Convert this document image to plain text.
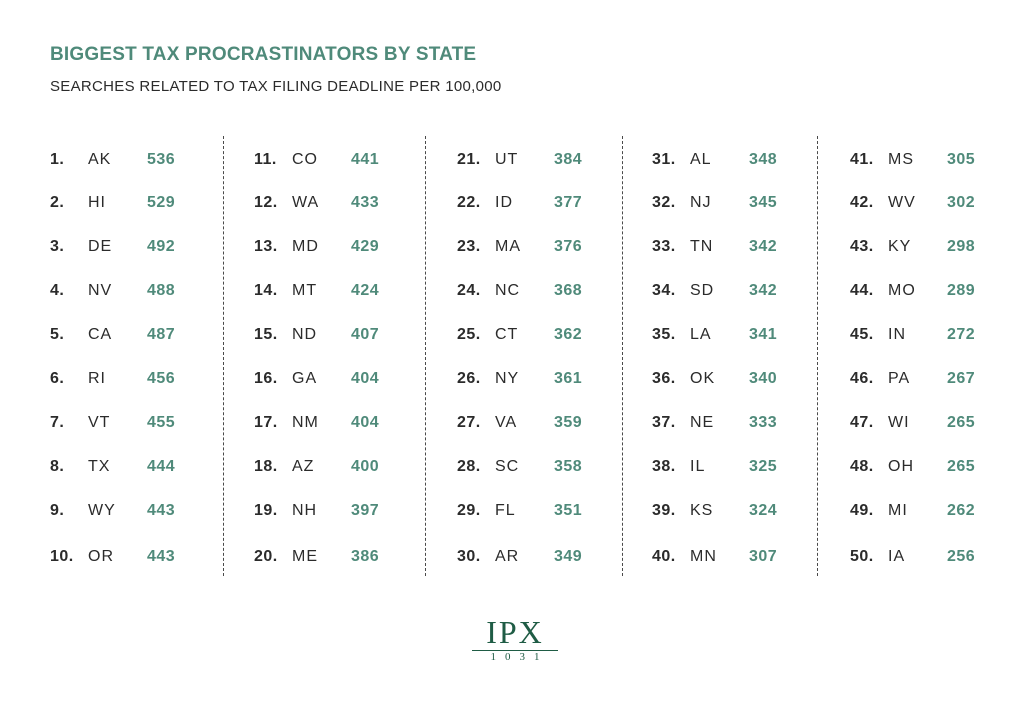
BIGGEST TAX PROCRASTINATORS BY STATE
SEARCHES RELATED TO TAX FILING DEADLINE PER 100,000
1. AK 536
2. HI	529
3. DE 492
4. NV 488
5. CA 487
6. RI	456
7. VT 455
8. TX 444
9. WY 443
10. OR 443
11. CO 441
12. WA 433
13. MD 429
14. MT 424
15. ND 407
16. GA 404
17. NM 404
18. AZ 400
19. NH 397
20. ME 386
21. UT 384
22. ID	377
23. MA 376
24. NC 368
25. CT 362
26. NY 361
27. VA 359
28. SC 358
29. FL 351
30. AR 349
31. AL 348
32. NJ 345
33. TN 342
34. SD 342
35. LA 341
36. OK 340
37. NE 333
38. IL	325
39. KS 324
40. MN 307
41. MS 305
42. WV 302
43. KY 298
44. MO 289
45. IN	272
46. PA 267
47. WI 265
48. OH 265
49. MI 262
50. IA	256
IPX
1031
